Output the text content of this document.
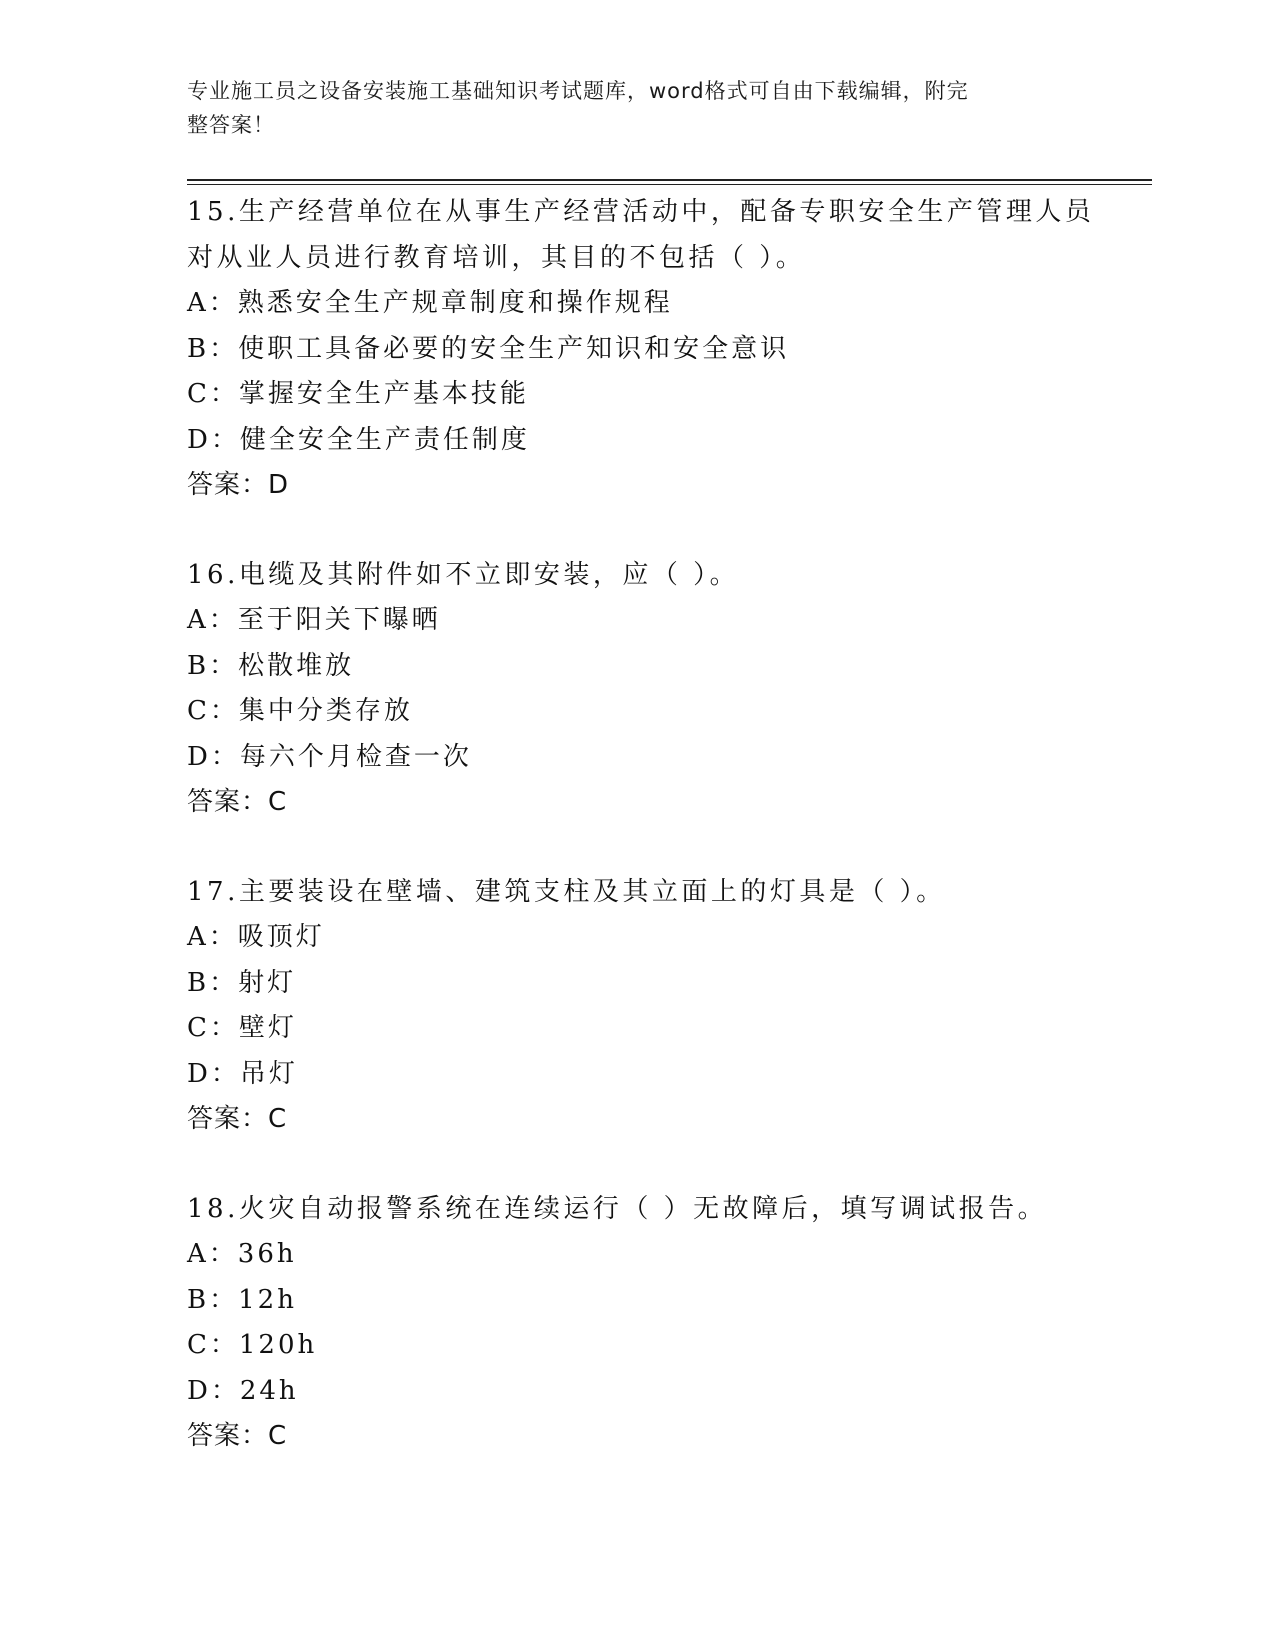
专业施工员之设备安装施工基础知识考试题库，word格式可自由下载编辑，附完
整答案！
15.生产经营单位在从事生产经营活动中，配备专职安全生产管理人员
对从业人员进行教育培训，其目的不包括（ ）。
A：熟悉安全生产规章制度和操作规程
B：使职工具备必要的安全生产知识和安全意识
C：掌握安全生产基本技能
D：健全安全生产责任制度
答案：D
16.电缆及其附件如不立即安装，应（ ）。
A：至于阳关下曝晒
B：松散堆放
C：集中分类存放
D：每六个月检查一次
答案：C
17.主要装设在壁墙、建筑支柱及其立面上的灯具是（ ）。
A：吸顶灯
B：射灯
C：壁灯
D：吊灯
答案：C
18.火灾自动报警系统在连续运行（ ）无故障后，填写调试报告。
A：36h
B：12h
C：120h
D：24h
答案：C
